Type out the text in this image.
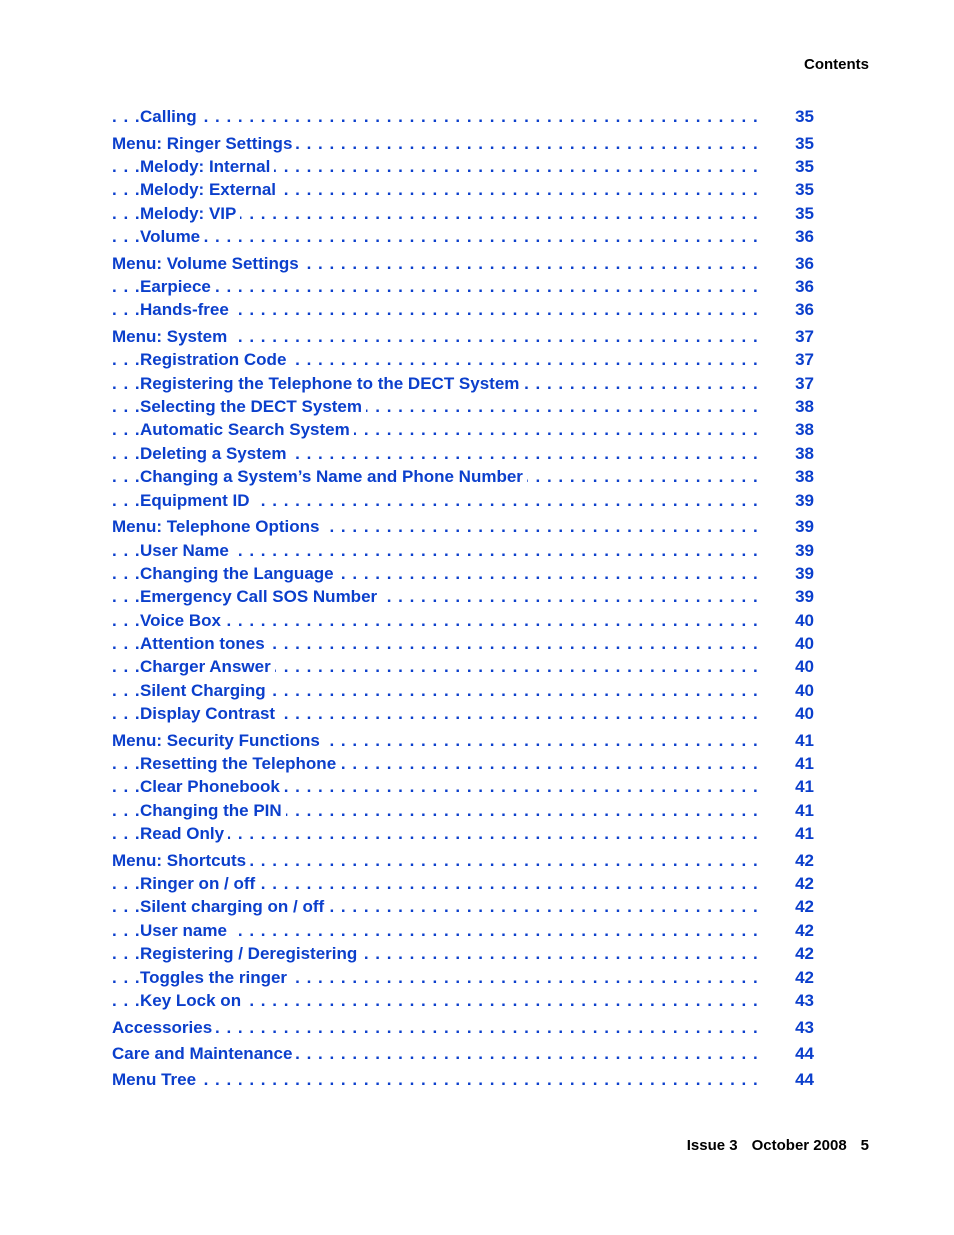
Contents
. . .
Calling	35
. . .
Menu: Ringer Settings	35
. . .
Melody: Internal	35
. . .
Melody: External	35
. . .
Melody: VIP	35
. . .
Volume	36
. . .
Menu: Volume Settings	36
. . .
Earpiece	36
. . .
Hands-free	36
. . .
Menu: System	37
. . .
Registration Code	37
. . .
Registering the Telephone to the DECT System	37
. . .
Selecting the DECT System	38
. . .
Automatic Search System	38
. . .
Deleting a System	38
. . .
Changing a System’s Name and Phone Number	38
. . .
Equipment ID	39
. . .
Menu: Telephone Options	39
. . .
User Name	39
. . .
Changing the Language	39
. . .
Emergency Call SOS Number	39
. . .
Voice Box	40
. . .
Attention tones	40
. . .
Charger Answer	40
. . .
Silent Charging	40
. . .
Display Contrast	40
. . .
Menu: Security Functions	41
. . .
Resetting the Telephone	41
. . .
Clear Phonebook	41
. . .
Changing the PIN	41
. . .
Read Only	41
. . .
Menu: Shortcuts	42
. . .
Ringer on / off	42
. . .
Silent charging on / off	42
. . .
User name	42
. . .
Registering / Deregistering	42
. . .
Toggles the ringer	42
. . .
Key Lock on	43
. . .
Accessories	43
. . .
Care and Maintenance	44
. . .
Menu Tree	44
Issue 3 October 2008 5
